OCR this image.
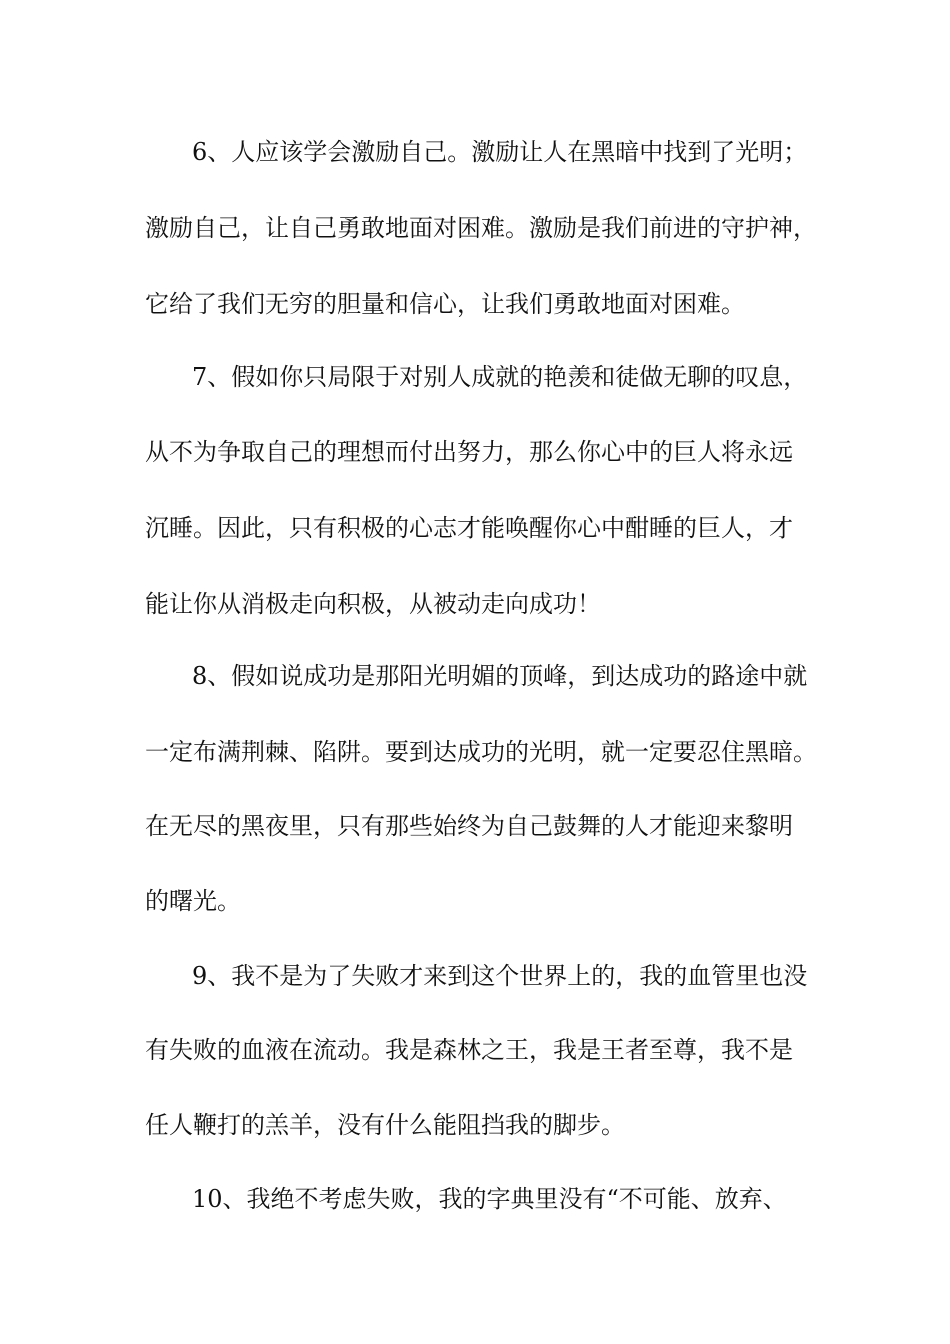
6、人应该学会激励自己。激励让人在黑暗中找到了光明；
激励自己，让自己勇敢地面对困难。激励是我们前进的守护神，
它给了我们无穷的胆量和信心，让我们勇敢地面对困难。
7、假如你只局限于对别人成就的艳羡和徒做无聊的叹息，
从不为争取自己的理想而付出努力，那么你心中的巨人将永远
沉睡。因此，只有积极的心志才能唤醒你心中酣睡的巨人，才
能让你从消极走向积极，从被动走向成功！
8、假如说成功是那阳光明媚的顶峰，到达成功的路途中就
一定布满荆棘、陷阱。要到达成功的光明，就一定要忍住黑暗。
在无尽的黑夜里，只有那些始终为自己鼓舞的人才能迎来黎明
的曙光。
9、我不是为了失败才来到这个世界上的，我的血管里也没
有失败的血液在流动。我是森林之王，我是王者至尊，我不是
任人鞭打的羔羊，没有什么能阻挡我的脚步。
10、我绝不考虑失败，我的字典里没有“不可能、放弃、
